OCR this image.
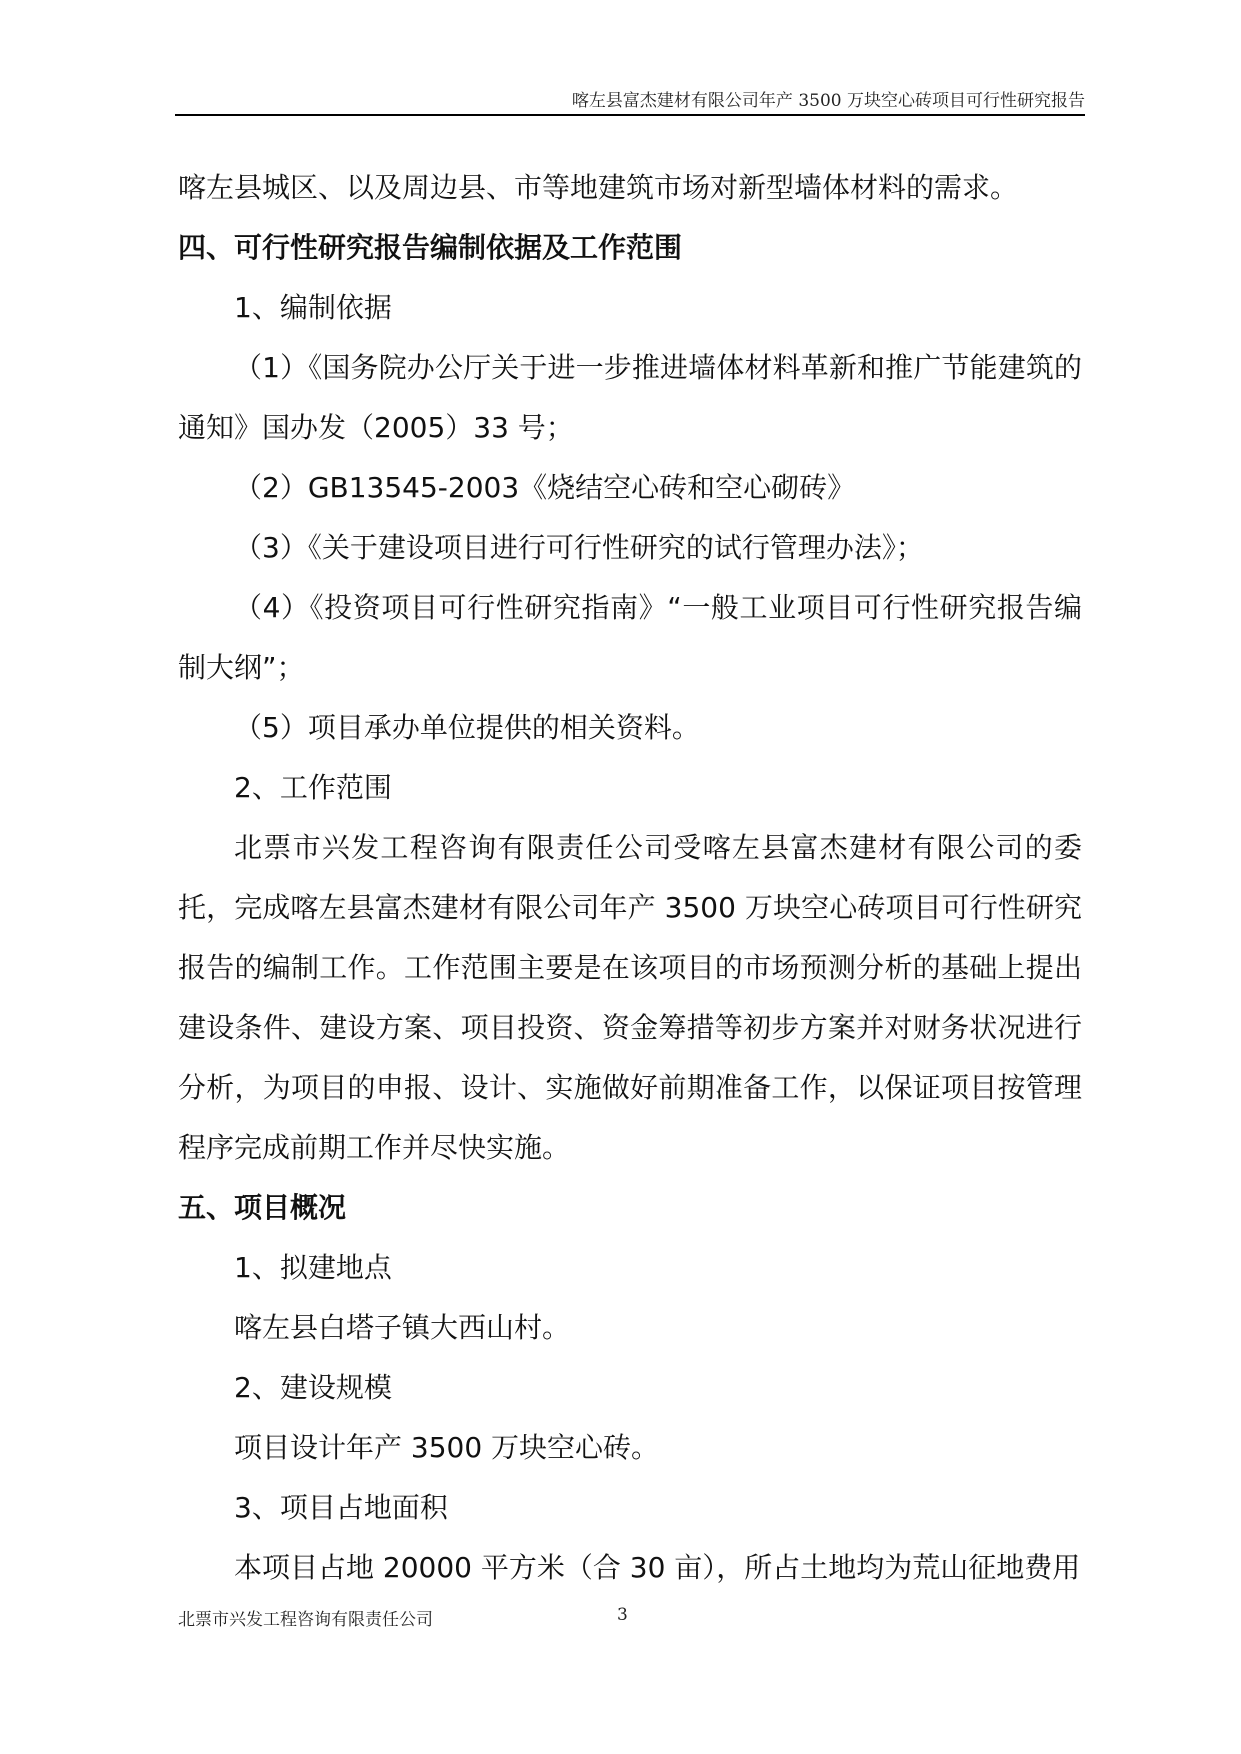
喀左县富杰建材有限公司年产 3500 万块空心砖项目可行性研究报告

喀左县城区、以及周边县、市等地建筑市场对新型墙体材料的需求。

四、可行性研究报告编制依据及工作范围

1、编制依据

（1）《国务院办公厅关于进一步推进墙体材料革新和推广节能建筑的通知》国办发（2005）33 号；

（2）GB13545-2003《烧结空心砖和空心砌砖》

（3）《关于建设项目进行可行性研究的试行管理办法》；

（4）《投资项目可行性研究指南》“一般工业项目可行性研究报告编制大纲”；

（5）项目承办单位提供的相关资料。

2、工作范围

北票市兴发工程咨询有限责任公司受喀左县富杰建材有限公司的委托，完成喀左县富杰建材有限公司年产 3500 万块空心砖项目可行性研究报告的编制工作。工作范围主要是在该项目的市场预测分析的基础上提出建设条件、建设方案、项目投资、资金筹措等初步方案并对财务状况进行分析，为项目的申报、设计、实施做好前期准备工作，以保证项目按管理程序完成前期工作并尽快实施。

五、项目概况

1、拟建地点

喀左县白塔子镇大西山村。

2、建设规模

项目设计年产 3500 万块空心砖。

3、项目占地面积

本项目占地 20000 平方米（合 30 亩），所占土地均为荒山征地费用

北票市兴发工程咨询有限责任公司	3
